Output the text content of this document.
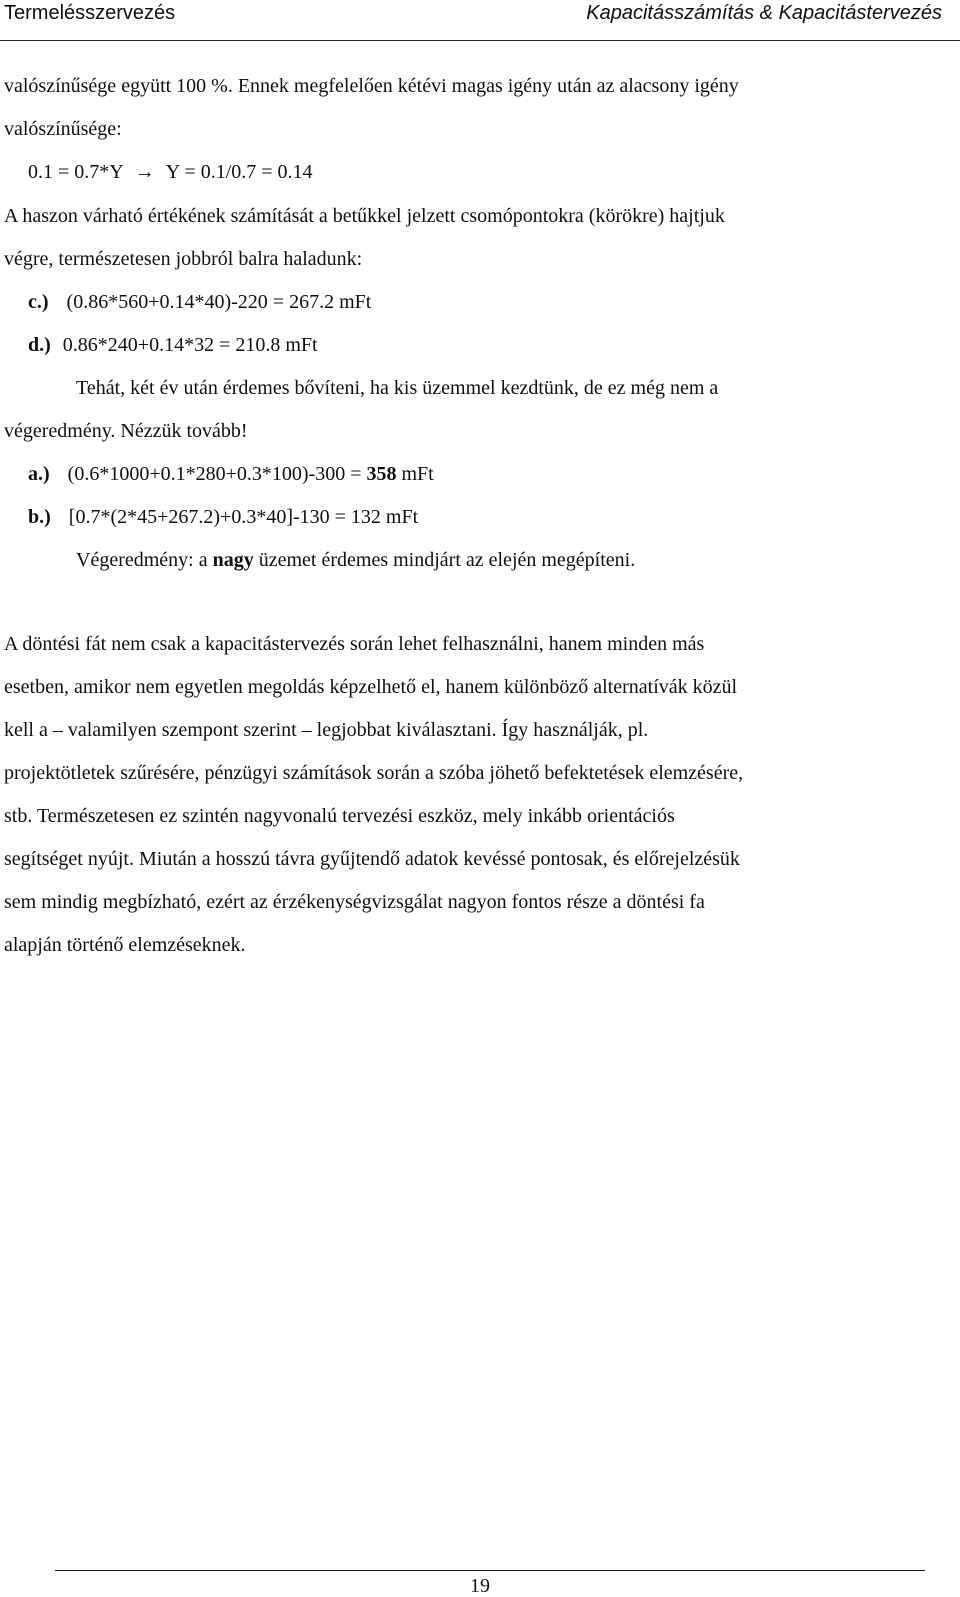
Termelésszervezés	Kapacitásszámítás & Kapacitástervezés
valószínűsége együtt 100 %. Ennek megfelelően kétévi magas igény után az alacsony igény
valószínűsége:
0.1 = 0.7*Y → Y = 0.1/0.7 = 0.14
A haszon várható értékének számítását a betűkkel jelzett csomópontokra (körökre) hajtjuk
végre, természetesen jobbról balra haladunk:
c.) (0.86*560+0.14*40)-220 = 267.2 mFt
d.) 0.86*240+0.14*32 = 210.8 mFt
Tehát, két év után érdemes bővíteni, ha kis üzemmel kezdtünk, de ez még nem a
végeredmény. Nézzük tovább!
a.) (0.6*1000+0.1*280+0.3*100)-300 = 358 mFt
b.) [0.7*(2*45+267.2)+0.3*40]-130 = 132 mFt
Végeredmény: a nagy üzemet érdemes mindjárt az elején megépíteni.
A döntési fát nem csak a kapacitástervezés során lehet felhasználni, hanem minden más
esetben, amikor nem egyetlen megoldás képzelhető el, hanem különböző alternatívák közül
kell a – valamilyen szempont szerint – legjobbat kiválasztani. Így használják, pl.
projektötletek szűrésére, pénzügyi számítások során a szóba jöhető befektetések elemzésére,
stb. Természetesen ez szintén nagyvonalú tervezési eszköz, mely inkább orientációs
segítséget nyújt. Miután a hosszú távra gyűjtendő adatok kevéssé pontosak, és előrejelzésük
sem mindig megbízható, ezért az érzékenységvizsgálat nagyon fontos része a döntési fa
alapján történő elemzéseknek.
19
